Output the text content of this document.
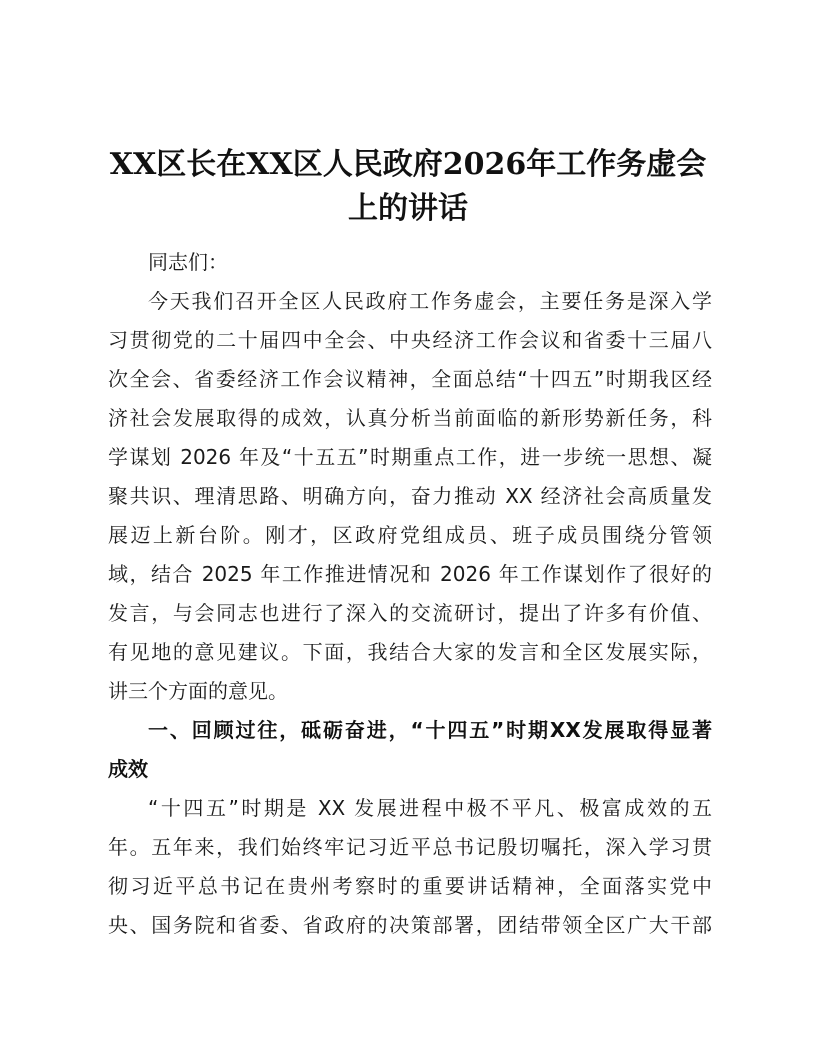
XX区长在XX区人民政府2026年工作务虚会
上的讲话

同志们：

今天我们召开全区人民政府工作务虚会，主要任务是深入学

习贯彻党的二十届四中全会、中央经济工作会议和省委十三届八

次全会、省委经济工作会议精神，全面总结“十四五”时期我区经

济社会发展取得的成效，认真分析当前面临的新形势新任务，科

学谋划 2026 年及“十五五”时期重点工作，进一步统一思想、凝

聚共识、理清思路、明确方向，奋力推动 XX 经济社会高质量发

展迈上新台阶。刚才，区政府党组成员、班子成员围绕分管领

域，结合 2025 年工作推进情况和 2026 年工作谋划作了很好的

发言，与会同志也进行了深入的交流研讨，提出了许多有价值、

有见地的意见建议。下面，我结合大家的发言和全区发展实际，

讲三个方面的意见。

一、回顾过往，砥砺奋进，“十四五”时期XX发展取得显著

成效

“十四五”时期是 XX 发展进程中极不平凡、极富成效的五

年。五年来，我们始终牢记习近平总书记殷切嘱托，深入学习贯

彻习近平总书记在贵州考察时的重要讲话精神，全面落实党中

央、国务院和省委、省政府的决策部署，团结带领全区广大干部
